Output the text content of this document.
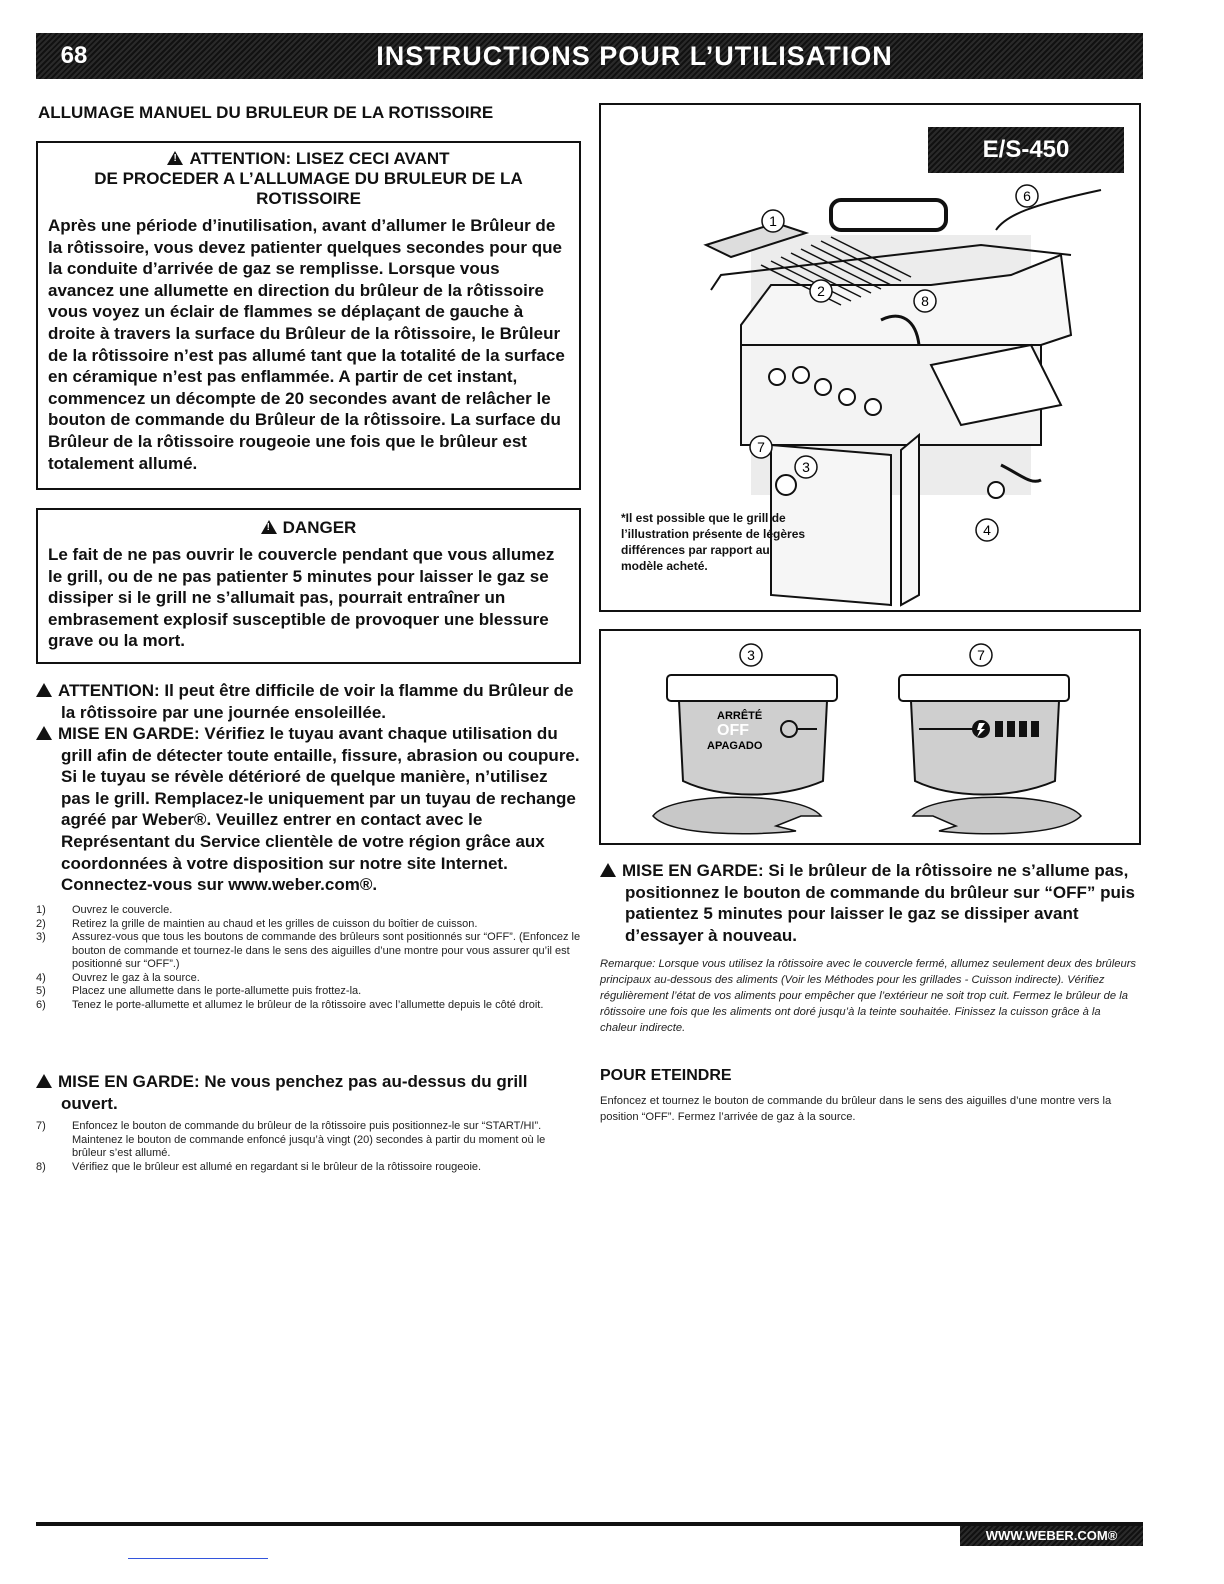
68	INSTRUCTIONS POUR L’UTILISATION
ALLUMAGE MANUEL DU BRULEUR DE LA ROTISSOIRE
!ATTENTION: LISEZ CECI AVANT
DE PROCEDER A L’ALLUMAGE DU BRULEUR DE LA
ROTISSOIRE

Après une période d’inutilisation, avant d’allumer le Brûleur de la rôtissoire, vous devez patienter quelques secondes pour que la conduite d’arrivée de gaz se remplisse. Lorsque vous avancez une allumette en direction du brûleur de la rôtissoire vous voyez un éclair de flammes se déplaçant de gauche à droite à travers la surface du Brûleur de la rôtissoire, le Brûleur de la rôtissoire n’est pas allumé tant que la totalité de la surface en céramique n’est pas enflammée. A partir de cet instant, commencez un décompte de 20 secondes avant de relâcher le bouton de commande du Brûleur de la rôtissoire. La surface du Brûleur de la rôtissoire rougeoie une fois que le brûleur est totalement allumé.

!DANGER

Le fait de ne pas ouvrir le couvercle pendant que vous allumez le grill, ou de ne pas patienter 5 minutes pour laisser le gaz se dissiper si le grill ne s’allumait pas, pourrait entraîner un embrasement explosif susceptible de provoquer une blessure grave ou la mort.

!ATTENTION: Il peut être difficile de voir la flamme du Brûleur de la rôtissoire par une journée ensoleillée.
!MISE EN GARDE: Vérifiez le tuyau avant chaque utilisation du grill afin de détecter toute entaille, fissure, abrasion ou coupure. Si le tuyau se révèle détérioré de quelque manière, n’utilisez pas le grill. Remplacez-le uniquement par un tuyau de rechange agréé par Weber®. Veuillez entrer en contact avec le Représentant du Service clientèle de votre région grâce aux coordonnées à votre disposition sur notre site Internet. Connectez-vous sur www.weber.com®.
1) Ouvrez le couvercle.
2) Retirez la grille de maintien au chaud et les grilles de cuisson du boîtier de cuisson.
3) Assurez-vous que tous les boutons de commande des brûleurs sont positionnés sur “OFF”. (Enfoncez le bouton de commande et tournez-le dans le sens des aiguilles d’une montre pour vous assurer qu’il est positionné sur “OFF”.)
4) Ouvrez le gaz à la source.
5) Placez une allumette dans le porte-allumette puis frottez-la.
6) Tenez le porte-allumette et allumez le brûleur de la rôtissoire avec l’allumette depuis le côté droit.
!MISE EN GARDE: Ne vous penchez pas au-dessus du grill ouvert.
7) Enfoncez le bouton de commande du brûleur de la rôtissoire puis positionnez-le sur “START/HI”. Maintenez le bouton de commande enfoncé jusqu’à vingt (20) secondes à partir du moment où le brûleur s’est allumé.
8) Vérifiez que le brûleur est allumé en regardant si le brûleur de la rôtissoire rougeoie.
1
2
3
4
6
7
8
E/S-450
*Il est possible que le grill de l’illustration présente de légères différences par rapport au modèle acheté.
ARRÊTÉ
OFF
APAGADO
3	7
!MISE EN GARDE: Si le brûleur de la rôtissoire ne s’allume pas, positionnez le bouton de commande du brûleur sur “OFF” puis patientez 5 minutes pour laisser le gaz se dissiper avant d’essayer à nouveau.

Remarque: Lorsque vous utilisez la rôtissoire avec le couvercle fermé, allumez seulement deux des brûleurs principaux au-dessous des aliments (Voir les Méthodes pour les grillades - Cuisson indirecte). Vérifiez régulièrement l’état de vos aliments pour empêcher que l’extérieur ne soit trop cuit. Fermez le brûleur de la rôtissoire une fois que les aliments ont doré jusqu’à la teinte souhaitée. Finissez la cuisson grâce à la chaleur indirecte.

POUR ETEINDRE

Enfoncez et tournez le bouton de commande du brûleur dans le sens des aiguilles d’une montre vers la position “OFF”. Fermez l’arrivée de gaz à la source.

WWW.WEBER.COM®
